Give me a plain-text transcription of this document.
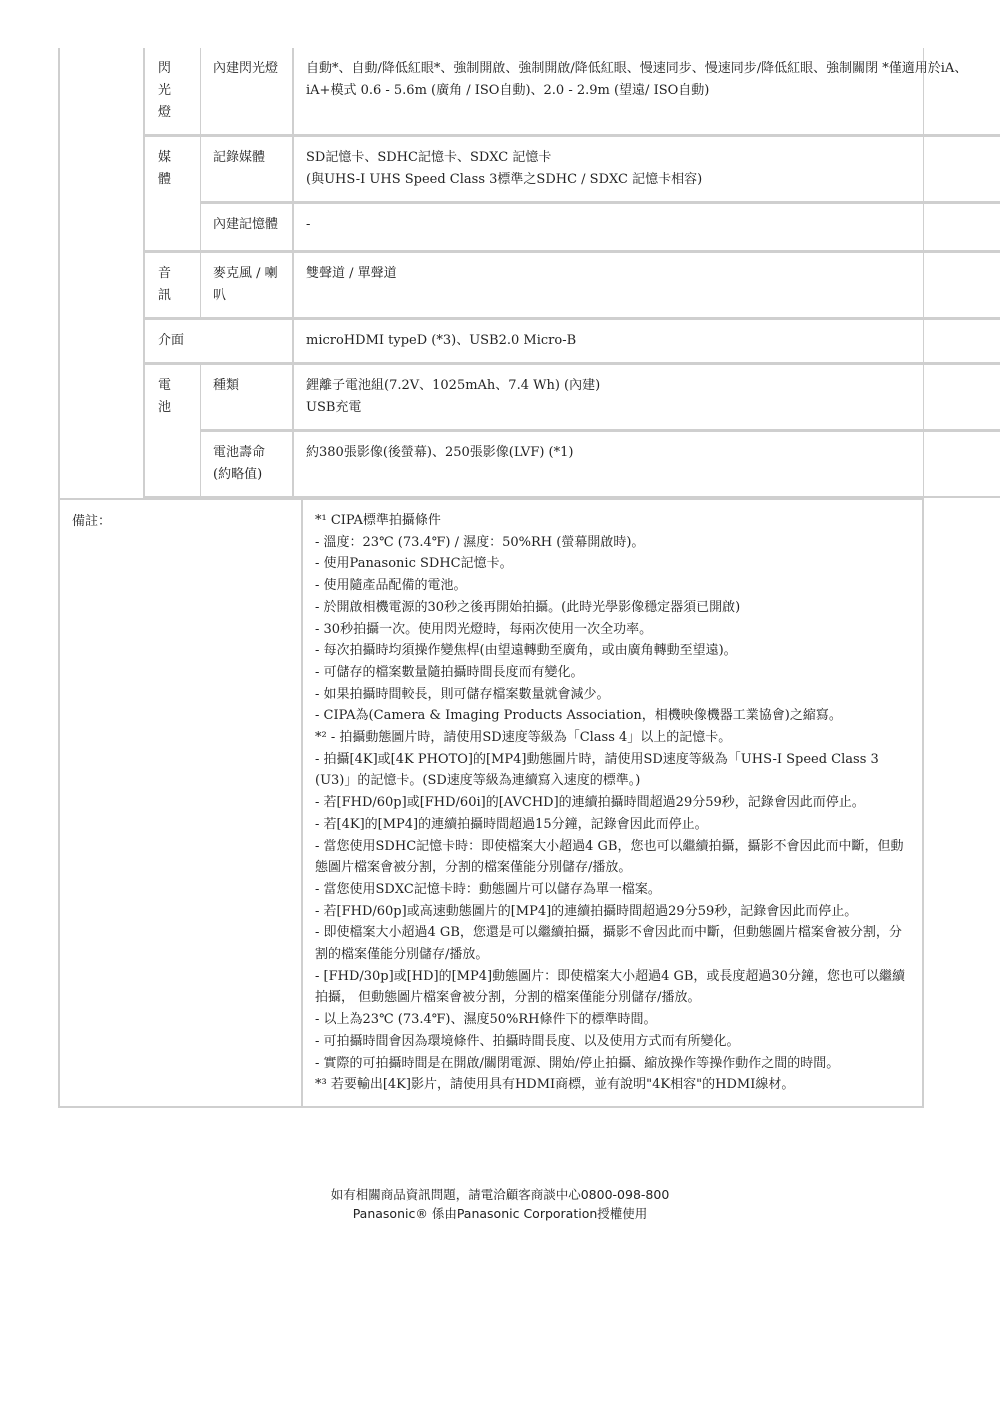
閃光燈	內建閃光燈	自動*、自動/降低紅眼*、強制開啟、強制開啟/降低紅眼、慢速同步、慢速同步/降低紅眼、強制關閉 *僅適用於iA、iA+模式 0.6 - 5.6m (廣角 / ISO自動)、2.0 - 2.9m (望遠/ ISO自動)

媒體	記錄媒體	SD記憶卡、SDHC記憶卡、SDXC 記憶卡
(與UHS-I UHS Speed Class 3標準之SDHC / SDXC 記憶卡相容)

	內建記憶體	-

音訊	麥克風 / 喇叭	雙聲道 / 單聲道

介面		microHDMI typeD (*3)、USB2.0 Micro-B

電池	種類	鋰離子電池組(7.2V、1025mAh、7.4 Wh) (內建)
USB充電

	電池壽命(約略值)	約380張影像(後螢幕)、250張影像(LVF) (*1)
備註：	*¹ CIPA標準拍攝條件
- 溫度：23℃ (73.4℉) / 濕度：50%RH (螢幕開啟時)。
- 使用Panasonic SDHC記憶卡。
- 使用隨產品配備的電池。
- 於開啟相機電源的30秒之後再開始拍攝。(此時光學影像穩定器須已開啟)
- 30秒拍攝一次。使用閃光燈時，每兩次使用一次全功率。
- 每次拍攝時均須操作變焦桿(由望遠轉動至廣角，或由廣角轉動至望遠)。
- 可儲存的檔案數量隨拍攝時間長度而有變化。
- 如果拍攝時間較長，則可儲存檔案數量就會減少。
- CIPA為(Camera & Imaging Products Association，相機映像機器工業協會)之縮寫。
*² - 拍攝動態圖片時，請使用SD速度等級為「Class 4」以上的記憶卡。
- 拍攝[4K]或[4K PHOTO]的[MP4]動態圖片時，請使用SD速度等級為「UHS-I Speed Class 3 (U3)」的記憶卡。(SD速度等級為連續寫入速度的標準。)
- 若[FHD/60p]或[FHD/60i]的[AVCHD]的連續拍攝時間超過29分59秒，記錄會因此而停止。
- 若[4K]的[MP4]的連續拍攝時間超過15分鐘，記錄會因此而停止。
- 當您使用SDHC記憶卡時：即使檔案大小超過4 GB，您也可以繼續拍攝，攝影不會因此而中斷，但動態圖片檔案會被分割，分割的檔案僅能分別儲存/播放。
- 當您使用SDXC記憶卡時：動態圖片可以儲存為單一檔案。
- 若[FHD/60p]或高速動態圖片的[MP4]的連續拍攝時間超過29分59秒，記錄會因此而停止。
- 即使檔案大小超過4 GB，您還是可以繼續拍攝，攝影不會因此而中斷，但動態圖片檔案會被分割，分割的檔案僅能分別儲存/播放。
- [FHD/30p]或[HD]的[MP4]動態圖片：即使檔案大小超過4 GB，或長度超過30分鐘，您也可以繼續拍攝， 但動態圖片檔案會被分割，分割的檔案僅能分別儲存/播放。
- 以上為23℃ (73.4℉)、濕度50%RH條件下的標準時間。
- 可拍攝時間會因為環境條件、拍攝時間長度、以及使用方式而有所變化。
- 實際的可拍攝時間是在開啟/關閉電源、開始/停止拍攝、縮放操作等操作動作之間的時間。
*³ 若要輸出[4K]影片，請使用具有HDMI商標，並有說明"4K相容"的HDMI線材。
如有相關商品資訊問題，請電洽顧客商談中心0800-098-800
Panasonic® 係由Panasonic Corporation授權使用
